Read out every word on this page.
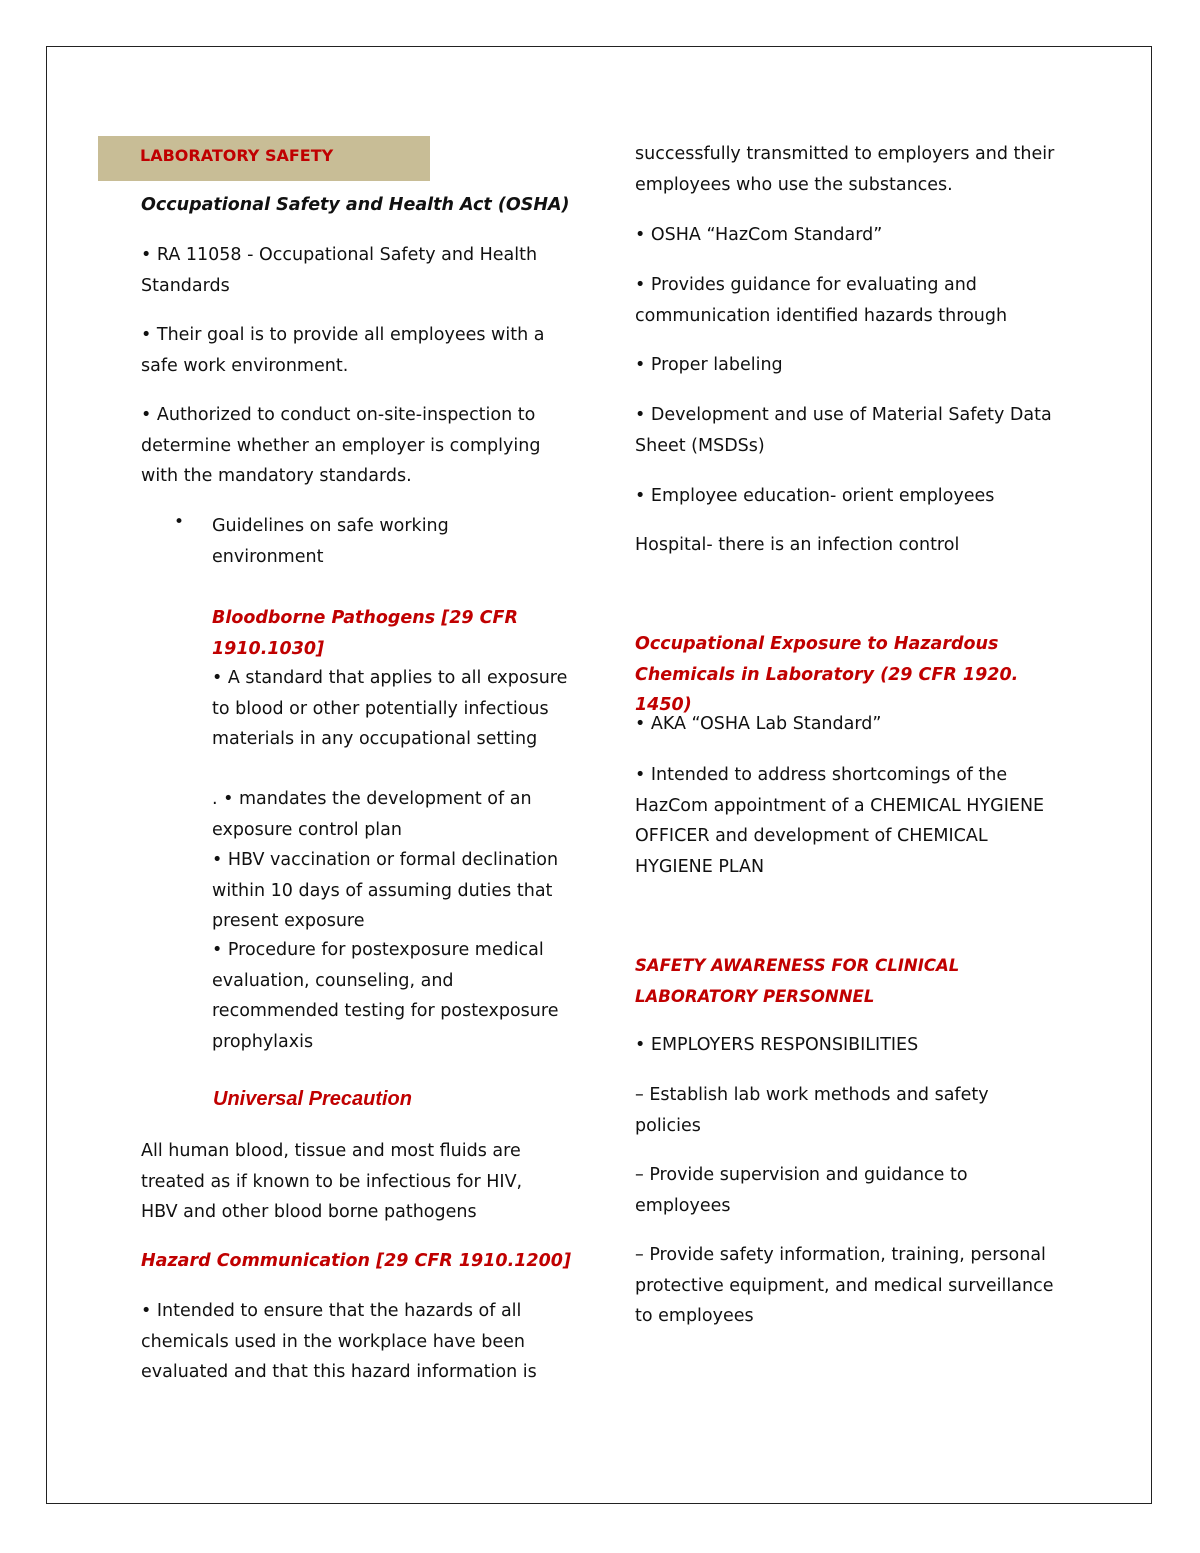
LABORATORY SAFETY

Occupational Safety and Health Act (OSHA)

• RA 11058 - Occupational Safety and Health Standards

• Their goal is to provide all employees with a safe work environment.

• Authorized to conduct on-site-inspection to determine whether an employer is complying with the mandatory standards.

• Guidelines on safe working environment

Bloodborne Pathogens [29 CFR 1910.1030]

• A standard that applies to all exposure to blood or other potentially infectious materials in any occupational setting

. • mandates the development of an exposure control plan

• HBV vaccination or formal declination within 10 days of assuming duties that present exposure

• Procedure for postexposure medical evaluation, counseling, and recommended testing for postexposure prophylaxis

Universal Precaution

All human blood, tissue and most fluids are treated as if known to be infectious for HIV, HBV and other blood borne pathogens

Hazard Communication [29 CFR 1910.1200]

• Intended to ensure that the hazards of all chemicals used in the workplace have been evaluated and that this hazard information is

successfully transmitted to employers and their employees who use the substances.

• OSHA “HazCom Standard”

• Provides guidance for evaluating and communication identified hazards through

• Proper labeling

• Development and use of Material Safety Data Sheet (MSDSs)

• Employee education- orient employees

Hospital- there is an infection control

Occupational Exposure to Hazardous Chemicals in Laboratory (29 CFR 1920. 1450)

• AKA “OSHA Lab Standard”

• Intended to address shortcomings of the HazCom appointment of a CHEMICAL HYGIENE OFFICER and development of CHEMICAL HYGIENE PLAN

SAFETY AWARENESS FOR CLINICAL LABORATORY PERSONNEL

• EMPLOYERS RESPONSIBILITIES

– Establish lab work methods and safety policies

– Provide supervision and guidance to employees

– Provide safety information, training, personal protective equipment, and medical surveillance to employees
